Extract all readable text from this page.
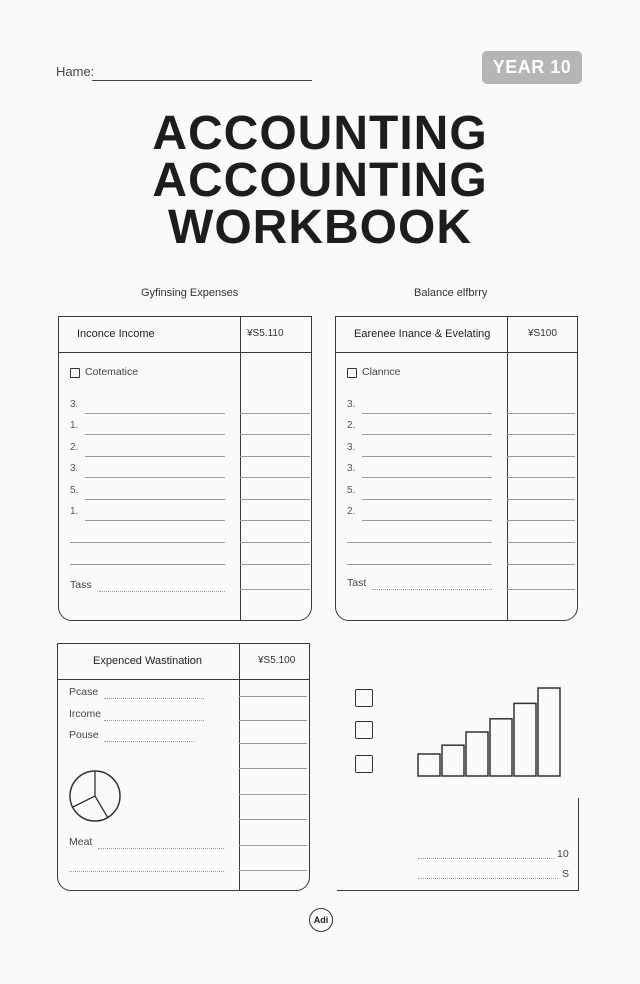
Hame:	YEAR 10
ACCOUNTING
ACCOUNTING
WORKBOOK
Gyfinsing Expenses	Balance elfbrry
Inconce Income	¥S5.110
Cotematice
3.
1.
2.
3.
5.
1.
Tass
Earenee Inance & Evelating	¥S100
Clannce
3.
2.
3.
3.
5.
2.
Tast
Expenced Wastination	¥S5.100
Pcase
Ircome
Pouse
Meat
10
S
Adi
